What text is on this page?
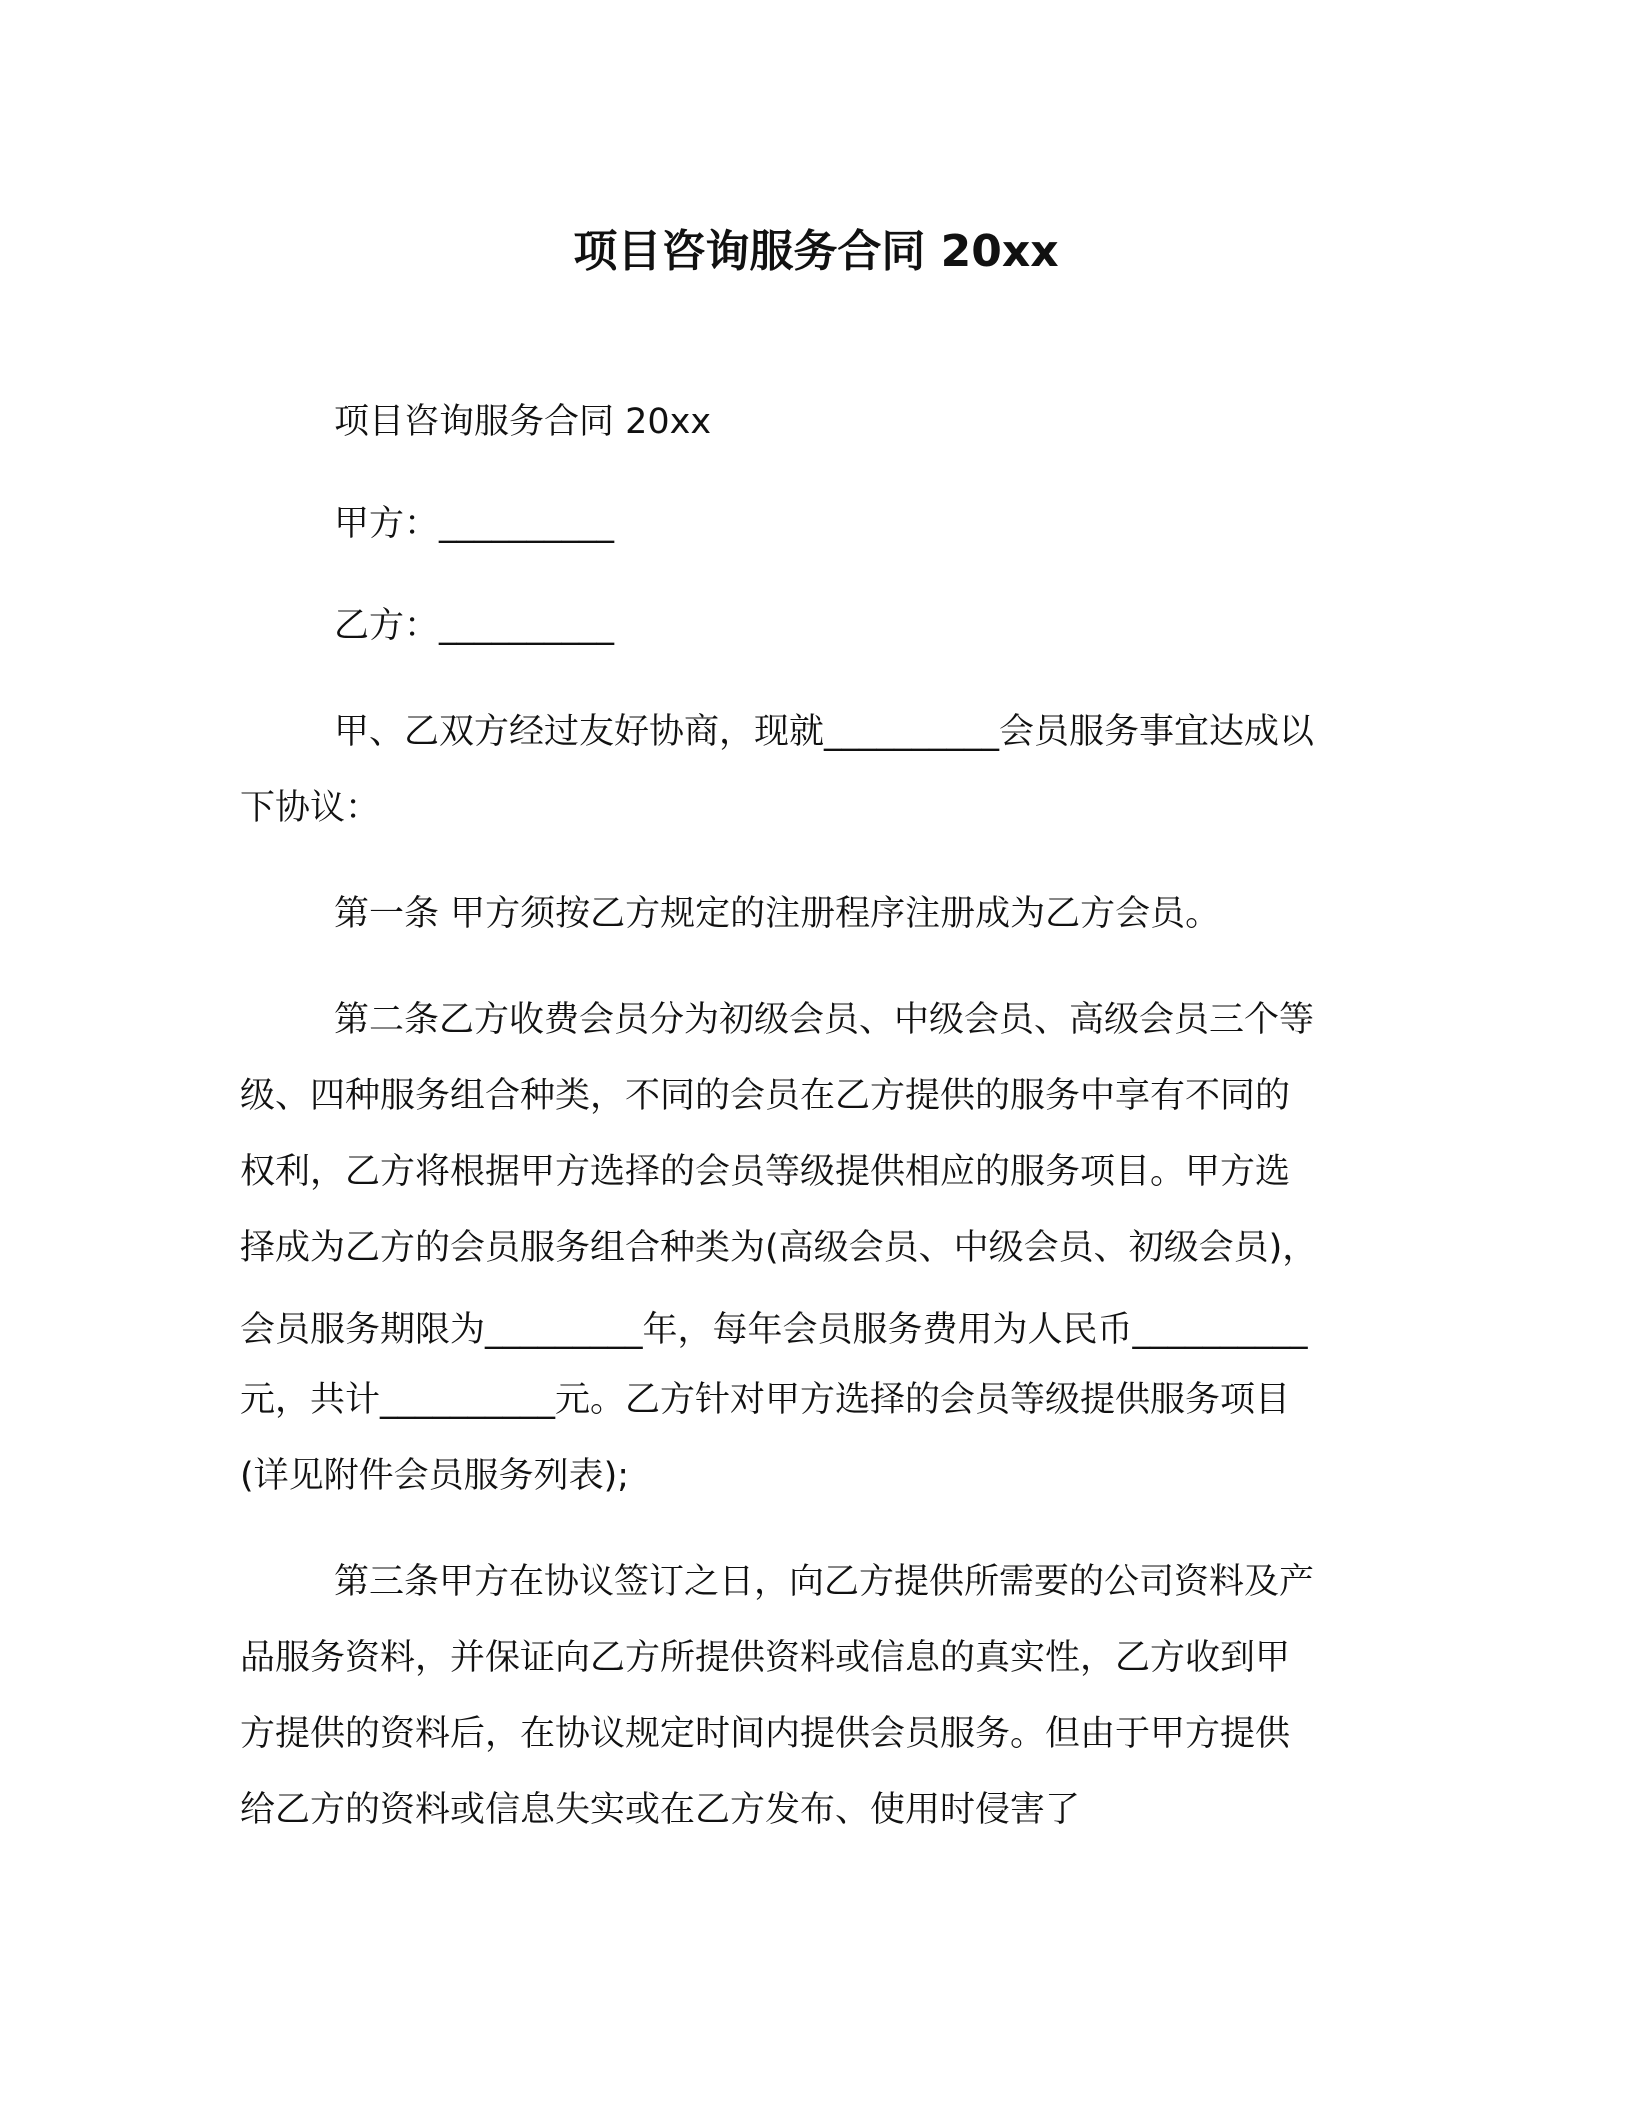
项目咨询服务合同 20xx

项目咨询服务合同 20xx

甲方：__________

乙方：__________

甲、乙双方经过友好协商，现就__________会员服务事宜达成以

下协议：

第一条 甲方须按乙方规定的注册程序注册成为乙方会员。

第二条乙方收费会员分为初级会员、中级会员、高级会员三个等

级、四种服务组合种类，不同的会员在乙方提供的服务中享有不同的

权利，乙方将根据甲方选择的会员等级提供相应的服务项目。甲方选

择成为乙方的会员服务组合种类为(高级会员、中级会员、初级会员)，

会员服务期限为_________年，每年会员服务费用为人民币__________

元，共计__________元。乙方针对甲方选择的会员等级提供服务项目

(详见附件会员服务列表);

第三条甲方在协议签订之日，向乙方提供所需要的公司资料及产

品服务资料，并保证向乙方所提供资料或信息的真实性，乙方收到甲

方提供的资料后，在协议规定时间内提供会员服务。但由于甲方提供

给乙方的资料或信息失实或在乙方发布、使用时侵害了
